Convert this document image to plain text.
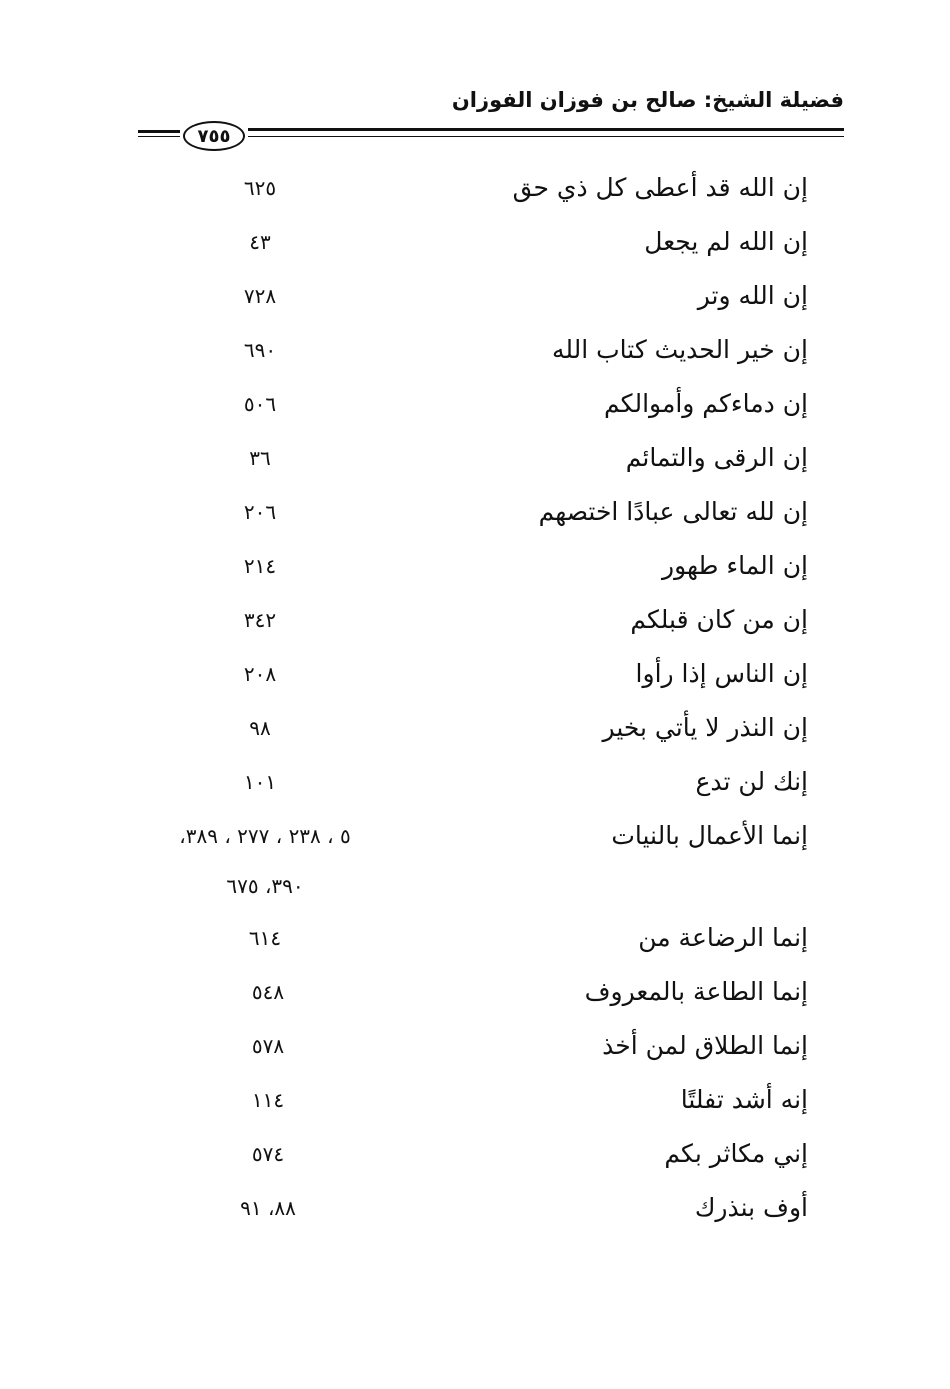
فضيلة الشيخ: صالح بن فوزان الفوزان
٧٥٥
إن الله قد أعطى كل ذي حق
٦٢٥
إن الله لم يجعل
٤٣
إن الله وتر
٧٢٨
إن خير الحديث كتاب الله
٦٩٠
إن دماءكم وأموالكم
٥٠٦
إن الرقى والتمائم
٣٦
إن لله تعالى عبادًا اختصهم
٢٠٦
إن الماء طهور
٢١٤
إن من كان قبلكم
٣٤٢
إن الناس إذا رأوا
٢٠٨
إن النذر لا يأتي بخير
٩٨
إنك لن تدع
١٠١
إنما الأعمال بالنيات
٥ ، ٢٣٨ ، ٢٧٧ ، ٣٨٩،
٣٩٠، ٦٧٥
إنما الرضاعة من
٦١٤
إنما الطاعة بالمعروف
٥٤٨
إنما الطلاق لمن أخذ
٥٧٨
إنه أشد تفلتًا
١١٤
إني مكاثر بكم
٥٧٤
أوف بنذرك
٨٨، ٩١
